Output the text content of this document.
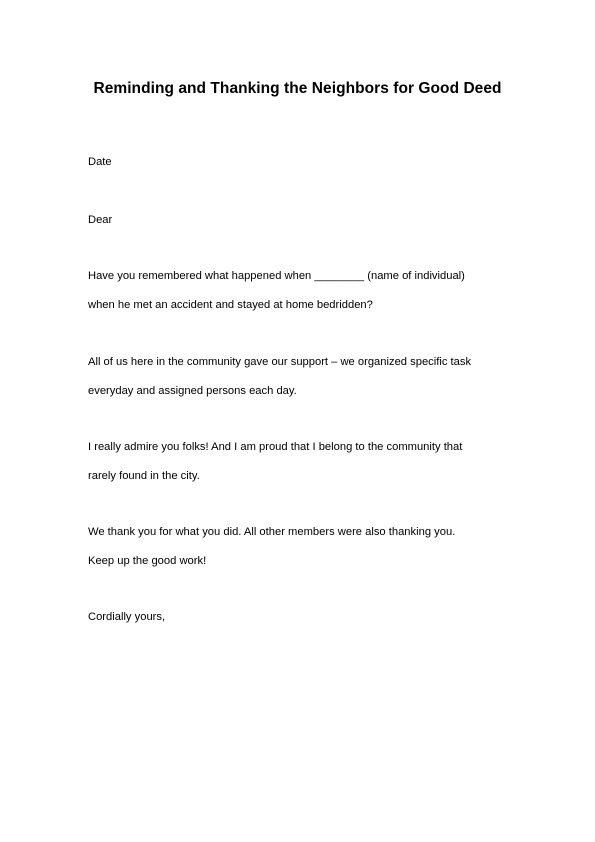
Reminding and Thanking the Neighbors for Good Deed
Date
Dear
Have you remembered what happened when ________ (name of individual)
when he met an accident and stayed at home bedridden?
All of us here in the community gave our support – we organized specific task
everyday and assigned persons each day.
I really admire you folks! And I am proud that I belong to the community that
rarely found in the city.
We thank you for what you did. All other members were also thanking you.
Keep up the good work!
Cordially yours,
